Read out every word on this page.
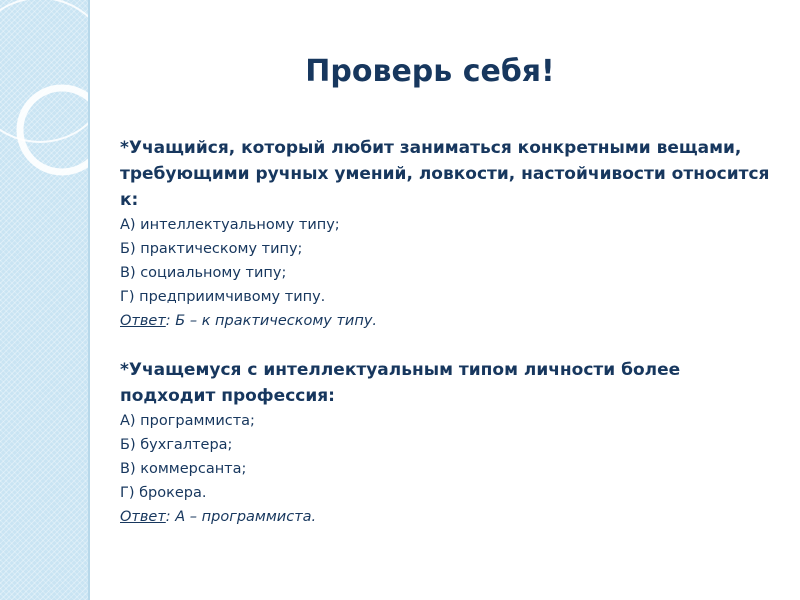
Проверь себя!

*Учащийся, который любит заниматься конкретными вещами, требующими ручных умений, ловкости, настойчивости относится к:

А) интеллектуальному типу;
Б) практическому типу;
В) социальному типу;
Г) предприимчивому типу.

Ответ: Б – к практическому типу.

*Учащемуся с интеллектуальным типом личности более подходит профессия:

А) программиста;
Б) бухгалтера;
В) коммерсанта;
Г) брокера.

Ответ: А – программиста.
